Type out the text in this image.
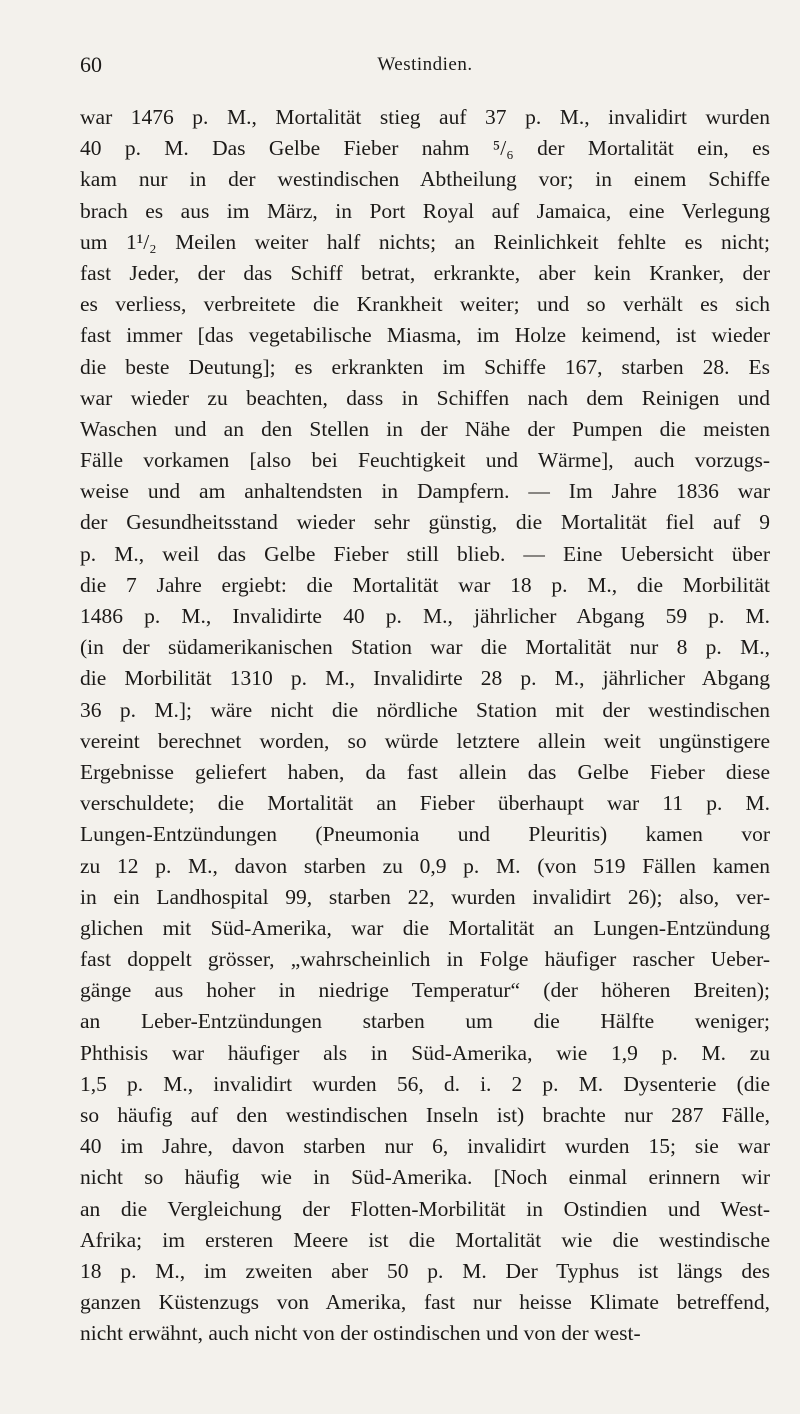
60	Westindien.
war 1476 p. M., Mortalität stieg auf 37 p. M., invalidirt wurden
40 p. M. Das Gelbe Fieber nahm ⁵/₆ der Mortalität ein, es
kam nur in der westindischen Abtheilung vor; in einem Schiffe
brach es aus im März, in Port Royal auf Jamaica, eine Verlegung
um 1¹/₂ Meilen weiter half nichts; an Reinlichkeit fehlte es nicht;
fast Jeder, der das Schiff betrat, erkrankte, aber kein Kranker, der
es verliess, verbreitete die Krankheit weiter; und so verhält es sich
fast immer [das vegetabilische Miasma, im Holze keimend, ist wieder
die beste Deutung]; es erkrankten im Schiffe 167, starben 28. Es
war wieder zu beachten, dass in Schiffen nach dem Reinigen und
Waschen und an den Stellen in der Nähe der Pumpen die meisten
Fälle vorkamen [also bei Feuchtigkeit und Wärme], auch vorzugs-
weise und am anhaltendsten in Dampfern. — Im Jahre 1836 war
der Gesundheitsstand wieder sehr günstig, die Mortalität fiel auf 9
p. M., weil das Gelbe Fieber still blieb. — Eine Uebersicht über
die 7 Jahre ergiebt: die Mortalität war 18 p. M., die Morbilität
1486 p. M., Invalidirte 40 p. M., jährlicher Abgang 59 p. M.
(in der südamerikanischen Station war die Mortalität nur 8 p. M.,
die Morbilität 1310 p. M., Invalidirte 28 p. M., jährlicher Abgang
36 p. M.]; wäre nicht die nördliche Station mit der westindischen
vereint berechnet worden, so würde letztere allein weit ungünstigere
Ergebnisse geliefert haben, da fast allein das Gelbe Fieber diese
verschuldete; die Mortalität an Fieber überhaupt war 11 p. M.
Lungen-Entzündungen (Pneumonia und Pleuritis) kamen vor
zu 12 p. M., davon starben zu 0,9 p. M. (von 519 Fällen kamen
in ein Landhospital 99, starben 22, wurden invalidirt 26); also, ver-
glichen mit Süd-Amerika, war die Mortalität an Lungen-Entzündung
fast doppelt grösser, „wahrscheinlich in Folge häufiger rascher Ueber-
gänge aus hoher in niedrige Temperatur“ (der höheren Breiten);
an Leber-Entzündungen starben um die Hälfte weniger;
Phthisis war häufiger als in Süd-Amerika, wie 1,9 p. M. zu
1,5 p. M., invalidirt wurden 56, d. i. 2 p. M. Dysenterie (die
so häufig auf den westindischen Inseln ist) brachte nur 287 Fälle,
40 im Jahre, davon starben nur 6, invalidirt wurden 15; sie war
nicht so häufig wie in Süd-Amerika. [Noch einmal erinnern wir
an die Vergleichung der Flotten-Morbilität in Ostindien und West-
Afrika; im ersteren Meere ist die Mortalität wie die westindische
18 p. M., im zweiten aber 50 p. M. Der Typhus ist längs des
ganzen Küstenzugs von Amerika, fast nur heisse Klimate betreffend,
nicht erwähnt, auch nicht von der ostindischen und von der west-
